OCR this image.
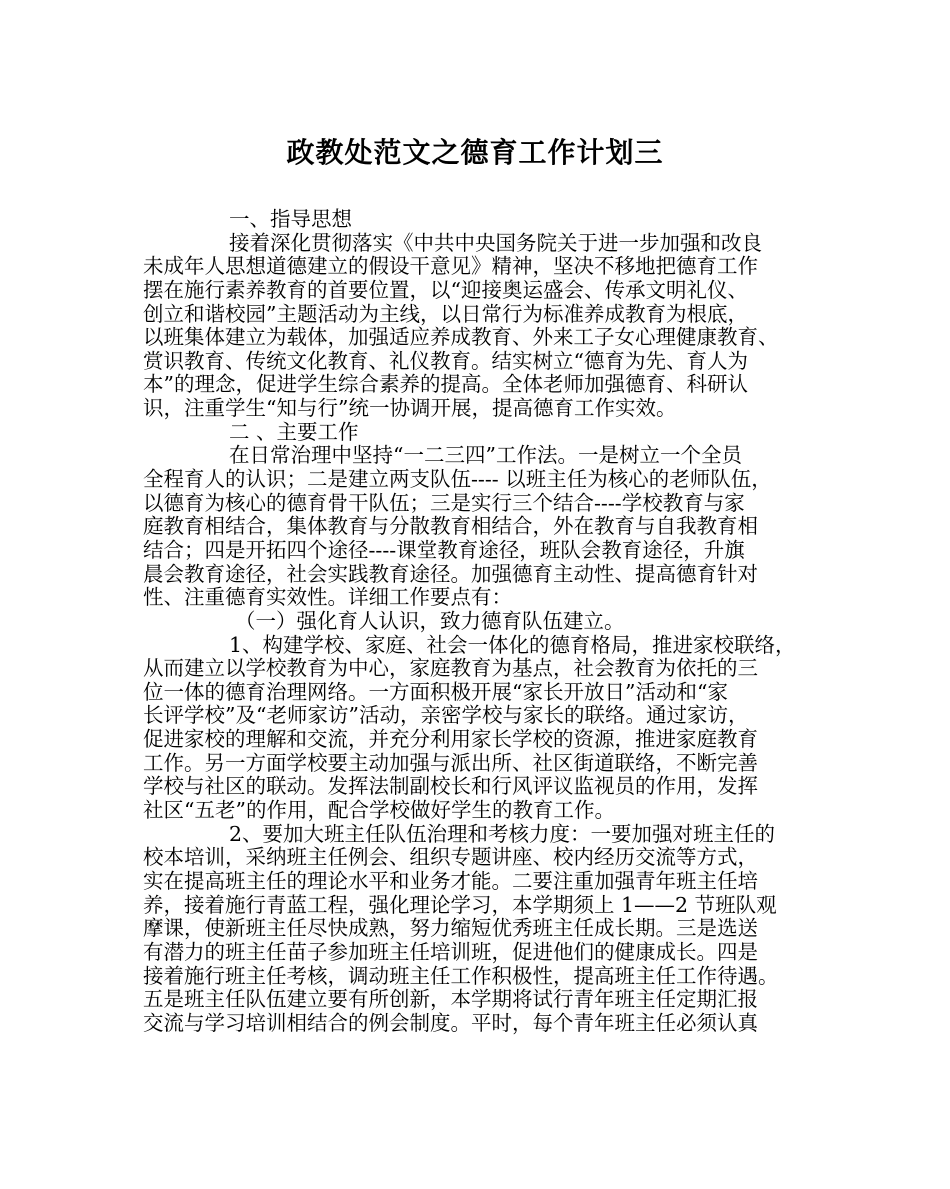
政教处范文之德育工作计划三
一、指导思想
接着深化贯彻落实《中共中央国务院关于进一步加强和改良
未成年人思想道德建立的假设干意见》精神，坚决不移地把德育工作
摆在施行素养教育的首要位置，以“迎接奥运盛会、传承文明礼仪、
创立和谐校园”主题活动为主线，以日常行为标准养成教育为根底，
以班集体建立为载体，加强适应养成教育、外来工子女心理健康教育、
赏识教育、传统文化教育、礼仪教育。结实树立“德育为先、育人为
本”的理念，促进学生综合素养的提高。全体老师加强德育、科研认
识，注重学生“知与行”统一协调开展，提高德育工作实效。
二 、主要工作
在日常治理中坚持“一二三四”工作法。一是树立一个全员
全程育人的认识；二是建立两支队伍---- 以班主任为核心的老师队伍，
以德育为核心的德育骨干队伍；三是实行三个结合----学校教育与家
庭教育相结合，集体教育与分散教育相结合，外在教育与自我教育相
结合；四是开拓四个途径----课堂教育途径，班队会教育途径，升旗
晨会教育途径，社会实践教育途径。加强德育主动性、提高德育针对
性、注重德育实效性。详细工作要点有：
（一）强化育人认识，致力德育队伍建立。
1、构建学校、家庭、社会一体化的德育格局，推进家校联络，
从而建立以学校教育为中心，家庭教育为基点，社会教育为依托的三
位一体的德育治理网络。一方面积极开展“家长开放日”活动和“家
长评学校”及“老师家访”活动，亲密学校与家长的联络。通过家访，
促进家校的理解和交流，并充分利用家长学校的资源，推进家庭教育
工作。另一方面学校要主动加强与派出所、社区街道联络，不断完善
学校与社区的联动。发挥法制副校长和行风评议监视员的作用，发挥
社区“五老”的作用，配合学校做好学生的教育工作。
2、要加大班主任队伍治理和考核力度：一要加强对班主任的
校本培训，采纳班主任例会、组织专题讲座、校内经历交流等方式，
实在提高班主任的理论水平和业务才能。二要注重加强青年班主任培
养，接着施行青蓝工程，强化理论学习，本学期须上 1——2 节班队观
摩课，使新班主任尽快成熟，努力缩短优秀班主任成长期。三是选送
有潜力的班主任苗子参加班主任培训班，促进他们的健康成长。四是
接着施行班主任考核，调动班主任工作积极性，提高班主任工作待遇。
五是班主任队伍建立要有所创新，本学期将试行青年班主任定期汇报
交流与学习培训相结合的例会制度。平时，每个青年班主任必须认真
